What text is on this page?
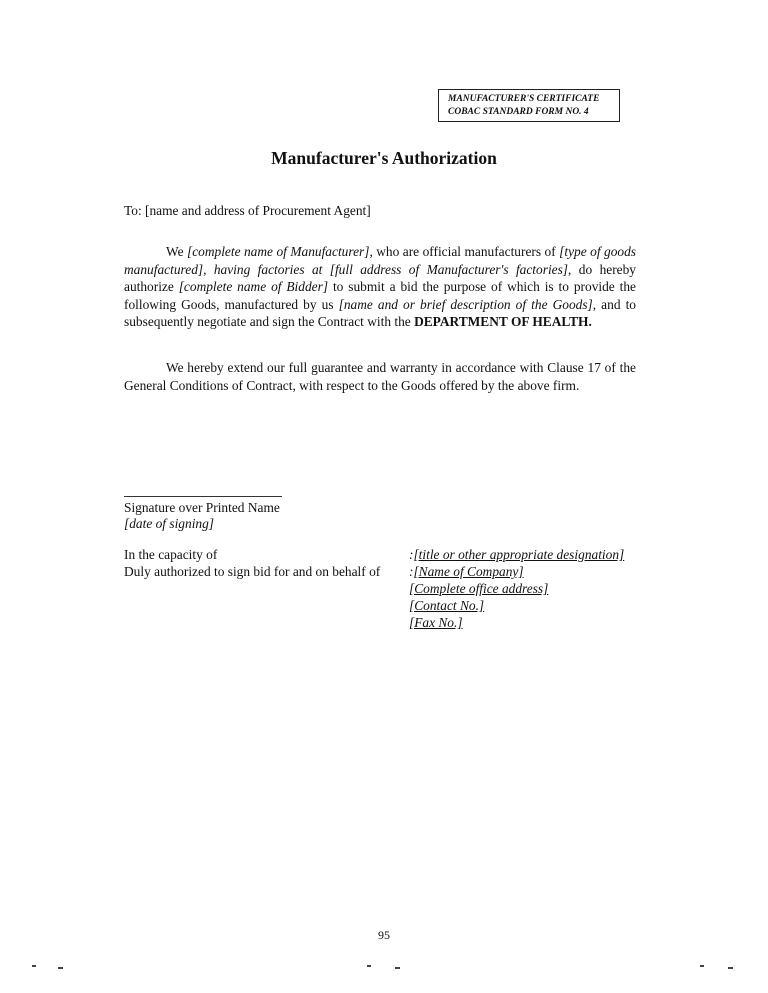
MANUFACTURER'S CERTIFICATE
COBAC STANDARD FORM NO. 4
Manufacturer's Authorization
To: [name and address of Procurement Agent]

We [complete name of Manufacturer], who are official manufacturers of [type of goods manufactured], having factories at [full address of Manufacturer's factories], do hereby authorize [complete name of Bidder] to submit a bid the purpose of which is to provide the following Goods, manufactured by us [name and or brief description of the Goods], and to subsequently negotiate and sign the Contract with the DEPARTMENT OF HEALTH.

We hereby extend our full guarantee and warranty in accordance with Clause 17 of the General Conditions of Contract, with respect to the Goods offered by the above firm.

Signature over Printed Name
[date of signing]
In the capacity of
Duly authorized to sign bid for and on behalf of
:[title or other appropriate designation]
:[Name of Company]
[Complete office address]
[Contact No.]
[Fax No.]
95
